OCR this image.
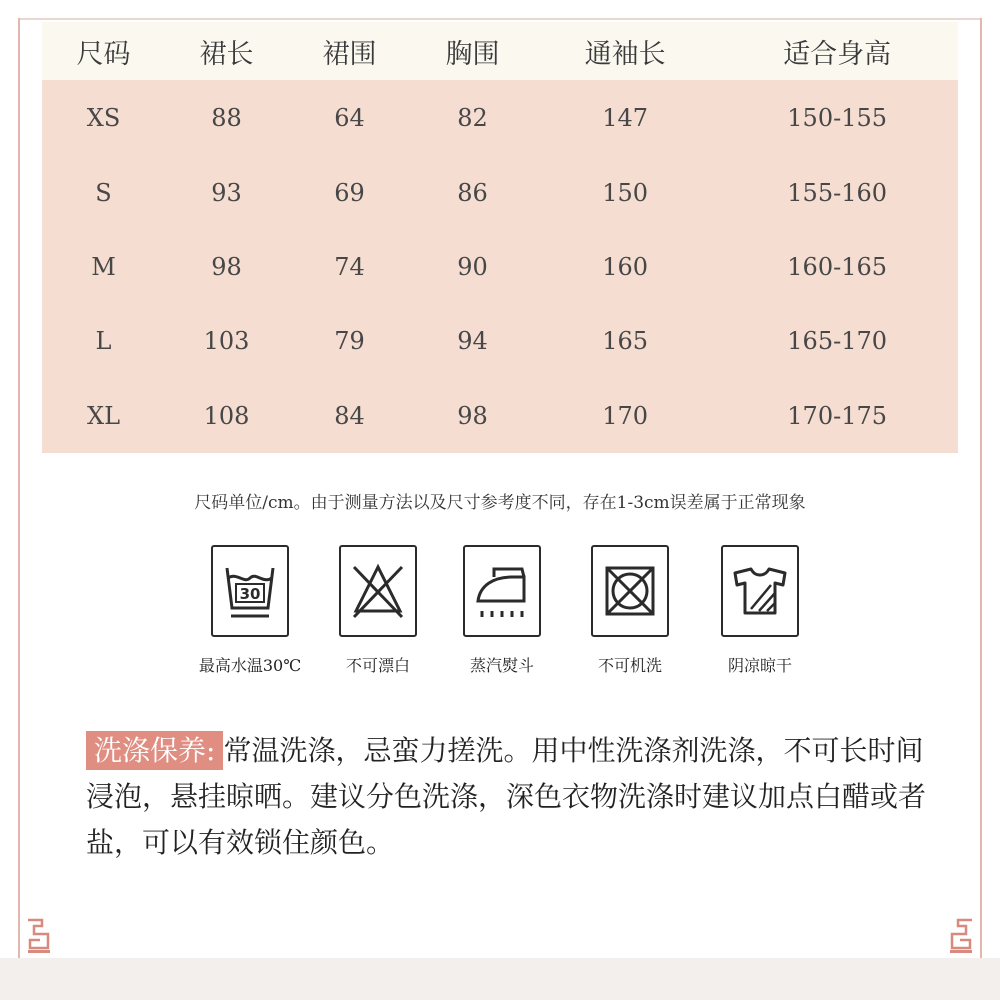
尺码	裙长	裙围	胸围	通袖长	适合身高
XS	88	64	82	147	150-155
S	93	69	86	150	155-160
M	98	74	90	160	160-165
L	103	79	94	165	165-170
XL	108	84	98	170	170-175
尺码单位/cm。由于测量方法以及尺寸参考度不同，存在1-3cm误差属于正常现象
30
最高水温30℃	不可漂白	蒸汽熨斗	不可机洗	阴凉晾干
洗涤保养: 常温洗涤，忌蛮力搓洗。用中性洗涤剂洗涤，不可长时间浸泡，悬挂晾晒。建议分色洗涤，深色衣物洗涤时建议加点白醋或者盐，可以有效锁住颜色。
